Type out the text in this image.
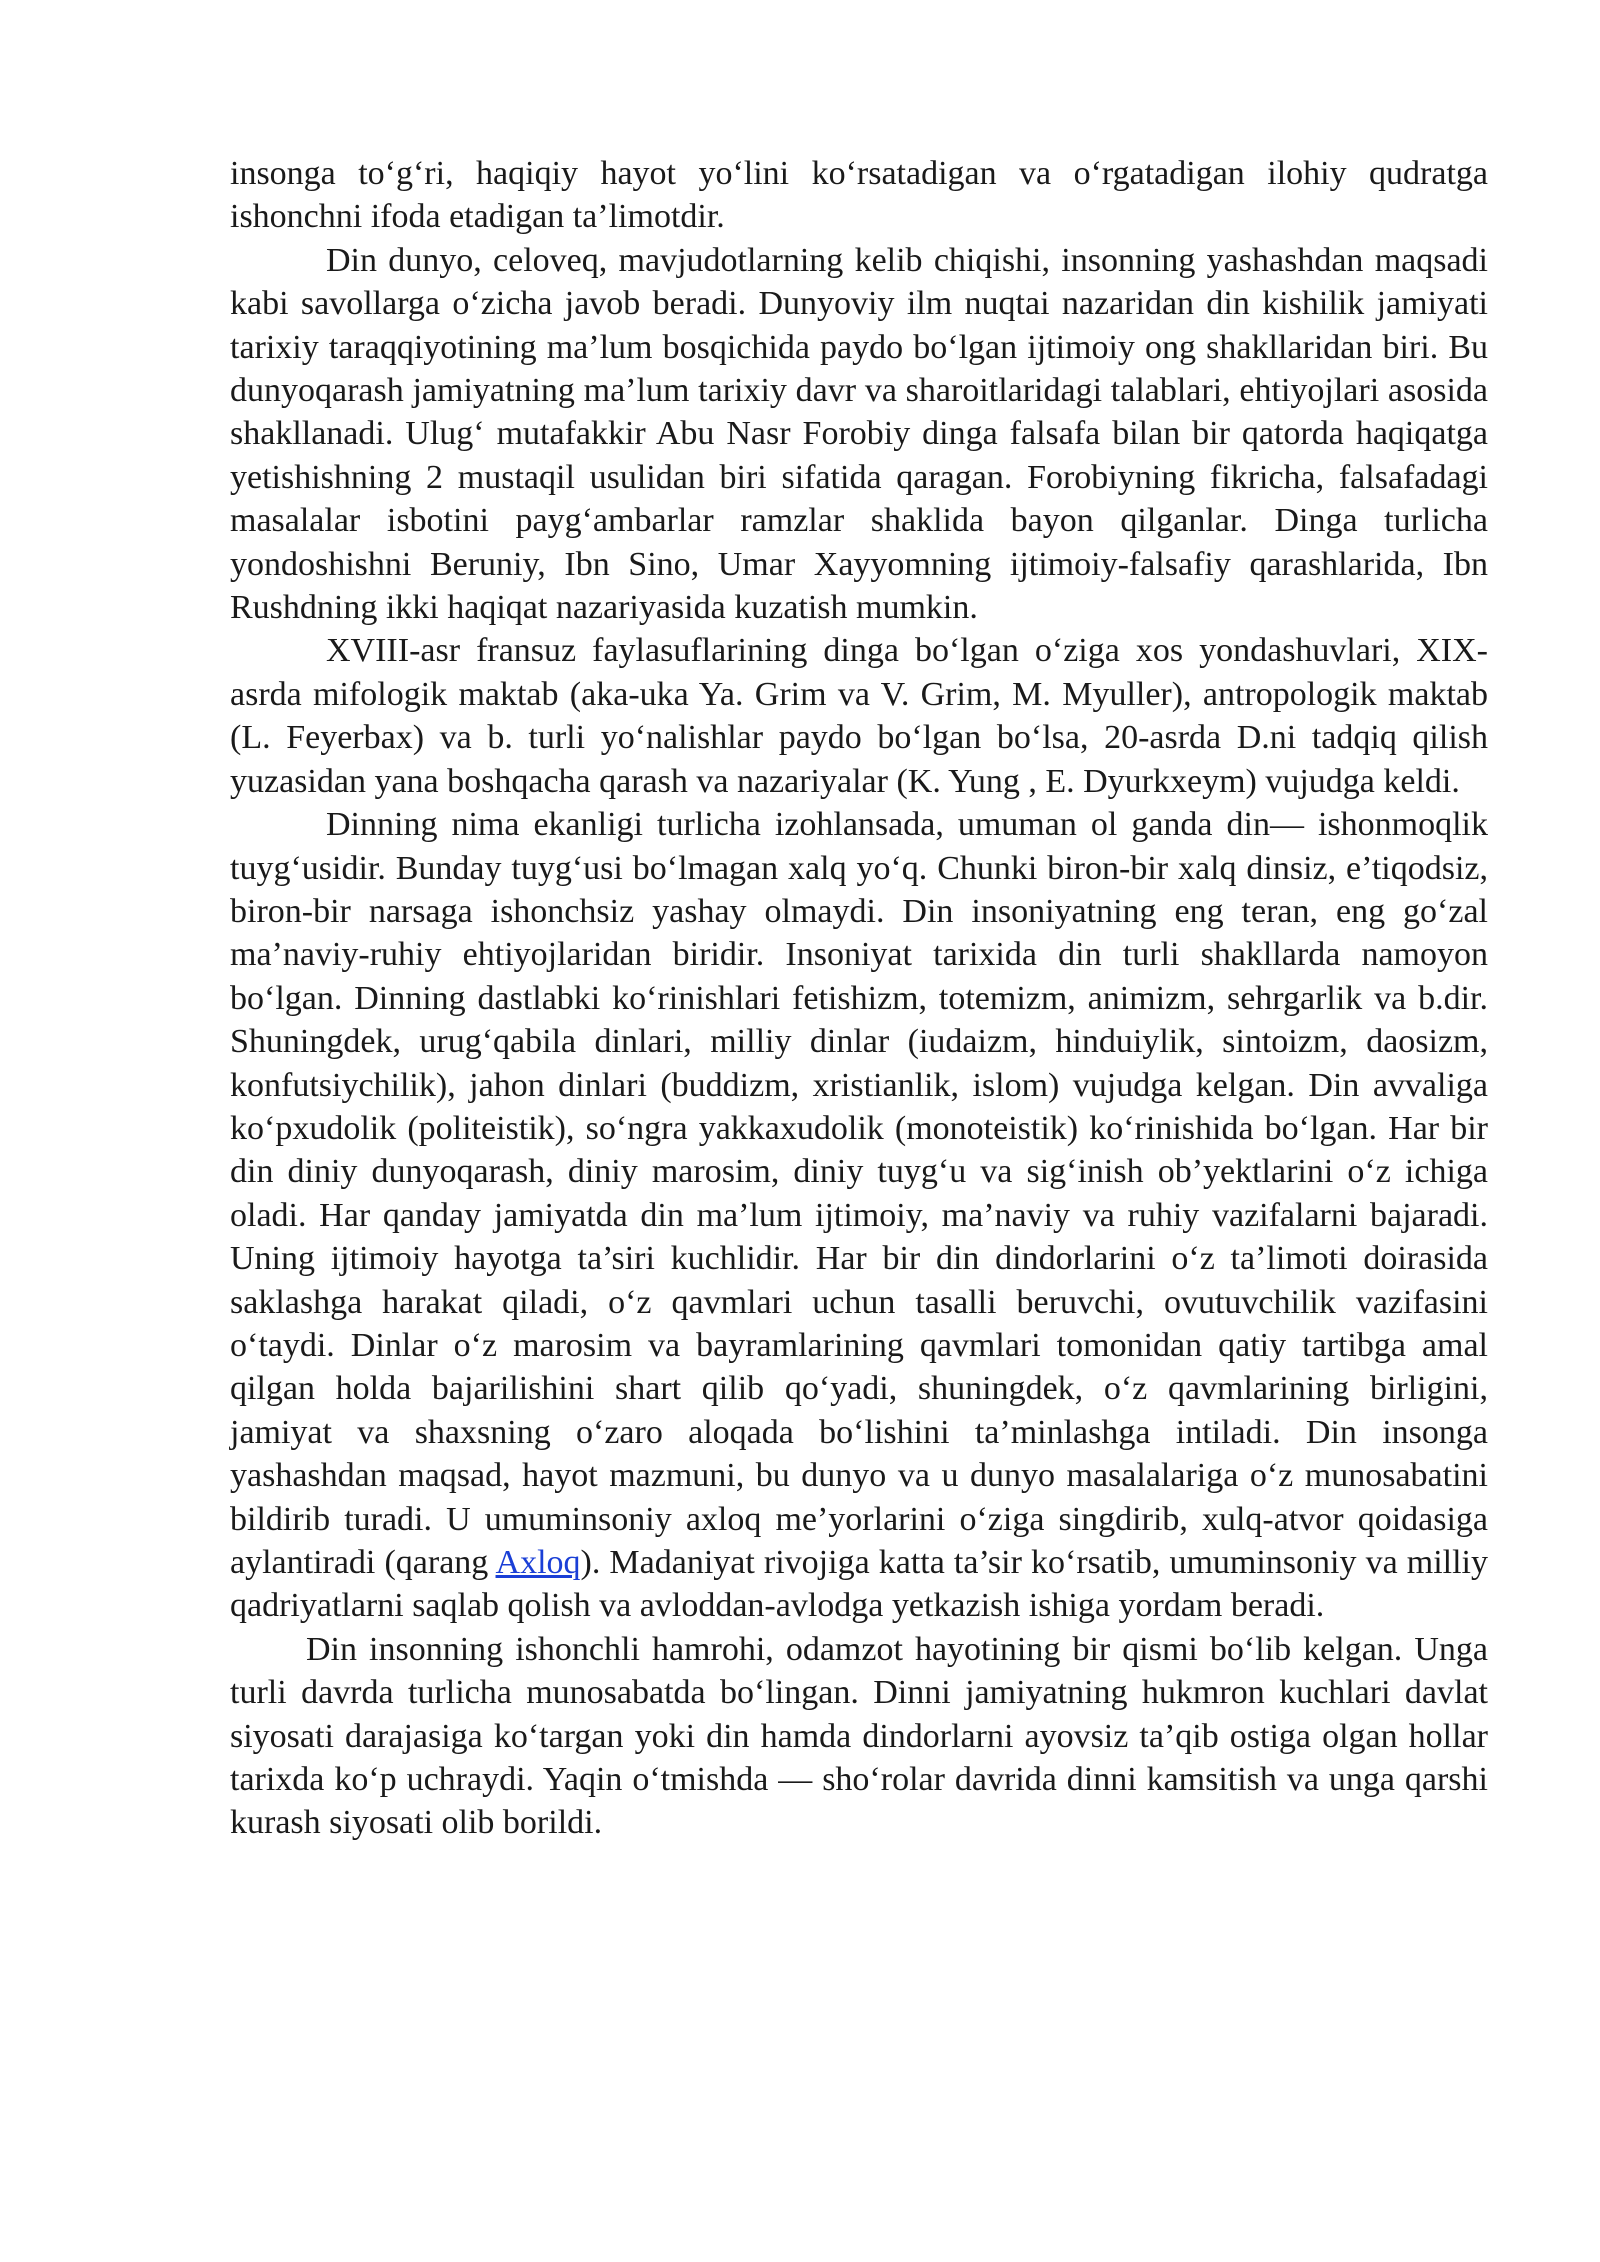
insonga to‘g‘ri, haqiqiy hayot yo‘lini ko‘rsatadigan va o‘rgatadigan ilohiy qudratga ishonchni ifoda etadigan ta’limotdir.

Din dunyo, celoveq, mavjudotlarning kelib chiqishi, insonning yashashdan maqsadi kabi savollarga o‘zicha javob beradi. Dunyoviy ilm nuqtai nazaridan din kishilik jamiyati tarixiy taraqqiyotining ma’lum bosqichida paydo bo‘lgan ijtimoiy ong shakllaridan biri. Bu dunyoqarash jamiyatning ma’lum tarixiy davr va sharoitlaridagi talablari, ehtiyojlari asosida shakllanadi. Ulug‘ mutafakkir Abu Nasr Forobiy dinga falsafa bilan bir qatorda haqiqatga yetishishning 2 mustaqil usulidan biri sifatida qaragan. Forobiyning fikricha, falsafadagi masalalar isbotini payg‘ambarlar ramzlar shaklida bayon qilganlar. Dinga turlicha yondoshishni Beruniy, Ibn Sino, Umar Xayyomning ijtimoiy-falsafiy qarashlarida, Ibn Rushdning ikki haqiqat nazariyasida kuzatish mumkin.

XVIII-asr fransuz faylasuflarining dinga bo‘lgan o‘ziga xos yondashuvlari, XIX-asrda mifologik maktab (aka-uka Ya. Grim va V. Grim, M. Myuller), antropologik maktab (L. Feyerbax) va b. turli yo‘nalishlar paydo bo‘lgan bo‘lsa, 20-asrda D.ni tadqiq qilish yuzasidan yana boshqacha qarash va nazariyalar (K. Yung , E. Dyurkxeym) vujudga keldi.

Dinning nima ekanligi turlicha izohlansada, umuman ol ganda din— ishonmoqlik tuyg‘usidir. Bunday tuyg‘usi bo‘lmagan xalq yo‘q. Chunki biron-bir xalq dinsiz, e’tiqodsiz, biron-bir narsaga ishonchsiz yashay olmaydi. Din insoniyatning eng teran, eng go‘zal ma’naviy-ruhiy ehtiyojlaridan biridir. Insoniyat tarixida din turli shakllarda namoyon bo‘lgan. Dinning dastlabki ko‘rinishlari fetishizm, totemizm, animizm, sehrgarlik va b.dir. Shuningdek, urug‘qabila dinlari, milliy dinlar (iudaizm, hinduiylik, sintoizm, daosizm, konfutsiychilik), jahon dinlari (buddizm, xristianlik, islom) vujudga kelgan. Din avvaliga ko‘pxudolik (politeistik), so‘ngra yakkaxudolik (monoteistik) ko‘rinishida bo‘lgan. Har bir din diniy dunyoqarash, diniy marosim, diniy tuyg‘u va sig‘inish ob’yektlarini o‘z ichiga oladi. Har qanday jamiyatda din ma’lum ijtimoiy, ma’naviy va ruhiy vazifalarni bajaradi. Uning ijtimoiy hayotga ta’siri kuchlidir. Har bir din dindorlarini o‘z ta’limoti doirasida saklashga harakat qiladi, o‘z qavmlari uchun tasalli beruvchi, ovutuvchilik vazifasini o‘taydi. Dinlar o‘z marosim va bayramlarining qavmlari tomonidan qatiy tartibga amal qilgan holda bajarilishini shart qilib qo‘yadi, shuningdek, o‘z qavmlarining birligini, jamiyat va shaxsning o‘zaro aloqada bo‘lishini ta’minlashga intiladi. Din insonga yashashdan maqsad, hayot mazmuni, bu dunyo va u dunyo masalalariga o‘z munosabatini bildirib turadi. U umuminsoniy axloq me’yorlarini o‘ziga singdirib, xulq-atvor qoidasiga aylantiradi (qarang Axloq). Madaniyat rivojiga katta ta’sir ko‘rsatib, umuminsoniy va milliy qadriyatlarni saqlab qolish va avloddan-avlodga yetkazish ishiga yordam beradi.

Din insonning ishonchli hamrohi, odamzot hayotining bir qismi bo‘lib kelgan. Unga turli davrda turlicha munosabatda bo‘lingan. Dinni jamiyatning hukmron kuchlari davlat siyosati darajasiga ko‘targan yoki din hamda dindorlarni ayovsiz ta’qib ostiga olgan hollar tarixda ko‘p uchraydi. Yaqin o‘tmishda — sho‘rolar davrida dinni kamsitish va unga qarshi kurash siyosati olib borildi.
